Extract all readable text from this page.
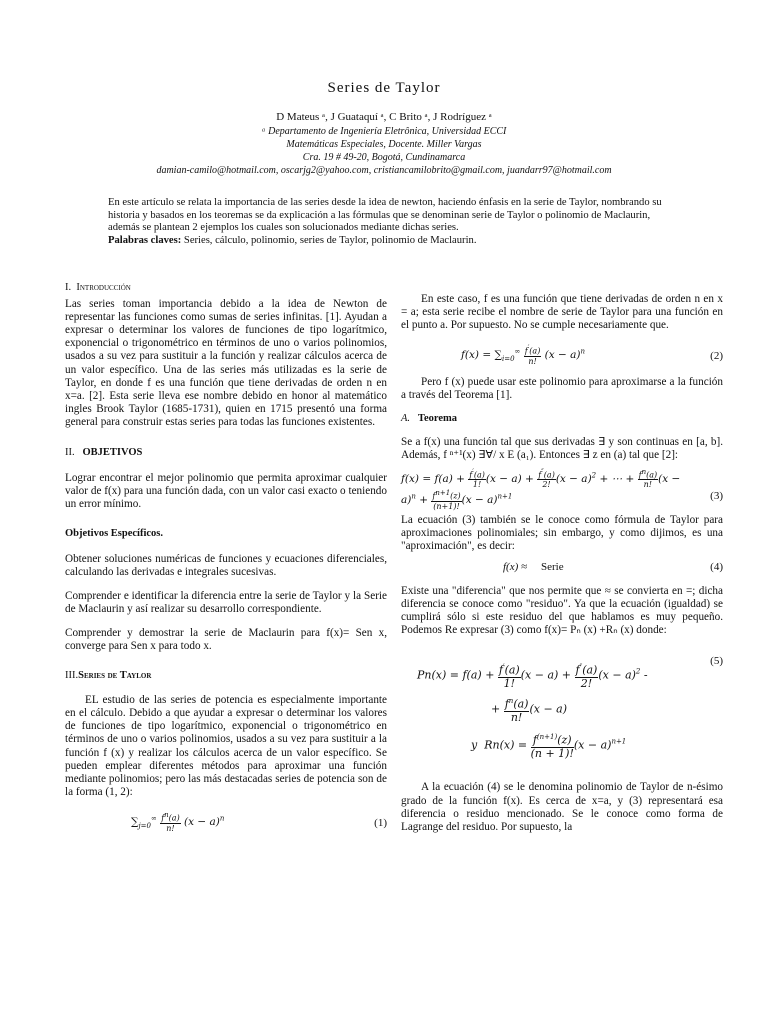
Series de Taylor
D Mateus ᵃ, J Guataquí ᵃ, C Brito ᵃ, J Rodríguez ᵃ
ᵃ Departamento de Ingeniería Eletrônica, Universidad ECCI
Matemáticas Especiales, Docente. Miller Vargas
Cra. 19 # 49-20, Bogotá, Cundinamarca
damian-camilo@hotmail.com, oscarjg2@yahoo.com, cristiancamilobrito@gmail.com, juandarr97@hotmail.com

En este artículo se relata la importancia de las series desde la idea de newton, haciendo énfasis en la serie de Taylor, nombrando su historia y basados en los teoremas se da explicación a las fórmulas que se denominan serie de Taylor o polinomio de Maclaurin, además se plantean 2 ejemplos los cuales son solucionados mediante dichas series.

Palabras claves: Series, cálculo, polinomio, series de Taylor, polinomio de Maclaurin.

I. Introducción

Las series toman importancia debido a la idea de Newton de representar las funciones como sumas de series infinitas. [1]. Ayudan a expresar o determinar los valores de funciones de tipo logarítmico, exponencial o trigonométrico en términos de uno o varios polinomios, usados a su vez para sustituir a la función y realizar cálculos acerca de un valor específico. Una de las series más utilizadas es la serie de Taylor, en donde f es una función que tiene derivadas de orden n en x=a. [2]. Esta serie lleva ese nombre debido en honor al matemático ingles Brook Taylor (1685-1731), quien en 1715 presentó una forma general para construir estas series para todas las funciones existentes.

II. OBJETIVOS

Lograr encontrar el mejor polinomio que permita aproximar cualquier valor de f(x) para una función dada, con un valor casi exacto o teniendo un error mínimo.

Objetivos Específicos.

Obtener soluciones numéricas de funciones y ecuaciones diferenciales, calculando las derivadas e integrales sucesivas.

Comprender e identificar la diferencia entre la serie de Taylor y la Serie de Maclaurin y así realizar su desarrollo correspondiente.

Comprender y demostrar la serie de Maclaurin para f(x)= Sen x, converge para Sen x para todo x.

III.Series de Taylor

EL estudio de las series de potencia es especialmente importante en el cálculo. Debido a que ayudar a expresar o determinar los valores de funciones de tipo logarítmico, exponencial o trigonométrico en términos de uno o varios polinomios, usados a su vez para sustituir a la función f (x) y realizar los cálculos acerca de un valor específico. Se pueden emplear diferentes métodos para aproximar una función mediante polinomios; pero las más destacadas series de potencia son de la forma (1, 2):

$\sum_{j=0}^\infty \frac{f^n(a)}{n!} (x - a)^n$	(1)

En este caso, f es una función que tiene derivadas de orden n en x = a; esta serie recibe el nombre de serie de Taylor para una función en el punto a. Por supuesto. No se cumple necesariamente que.

$f(x) = \sum_{i=0}^\infty \frac{f'(a)}{n!} (x - a)^n$	(2)

Pero f (x) puede usar este polinomio para aproximarse a la función a través del Teorema [1].

A. Teorema

Se a f(x) una función tal que sus derivadas ∃ y son continuas en [a, b]. Además, f ⁿ⁺¹(x) ∃∀/ x E (a₁). Entonces ∃ z en (a) tal que [2]:

$f(x) = f(a) + \frac{f'(a)}{1!} (x - a) + \frac{f''(a)}{2!} (x - a)^2$ + ⋯ + $\frac{f^n(a)}{n!} (x$ −
$a)^n + \frac{f^{n+1}(z)}{(n+1)!} (x - a)^{n+1}$	(3)

La ecuación (3) también se le conoce como fórmula de Taylor para aproximaciones polinomiales; sin embargo, y como dijimos, es una "aproximación", es decir:

f(x) ≈ Serie	(4)

Existe una "diferencia" que nos permite que ≈ se convierta en =; dicha diferencia se conoce como "residuo". Ya que la ecuación (igualdad) se cumplirá sólo si este residuo del que hablamos es muy pequeño. Podemos Re expresar (3) como f(x)= Pₙ (x) +Rₙ (x) donde:

$Pn(x) = f(a) + \frac{f'(a)}{1!} (x - a) + \frac{f''(a)}{2!} (x - a)^2$ -
+ $\frac{f^n(a)}{n!} (x - a)$
y  $Rn(x) = \frac{f^{(n+1)}(z)}{(n + 1)!} (x - a)^{n+1}$
(5)

A la ecuación (4) se le denomina polinomio de Taylor de n-ésimo grado de la función f(x). Es cerca de x=a, y (3) representará esa diferencia o residuo mencionado. Se le conoce como forma de Lagrange del residuo. Por supuesto, la
